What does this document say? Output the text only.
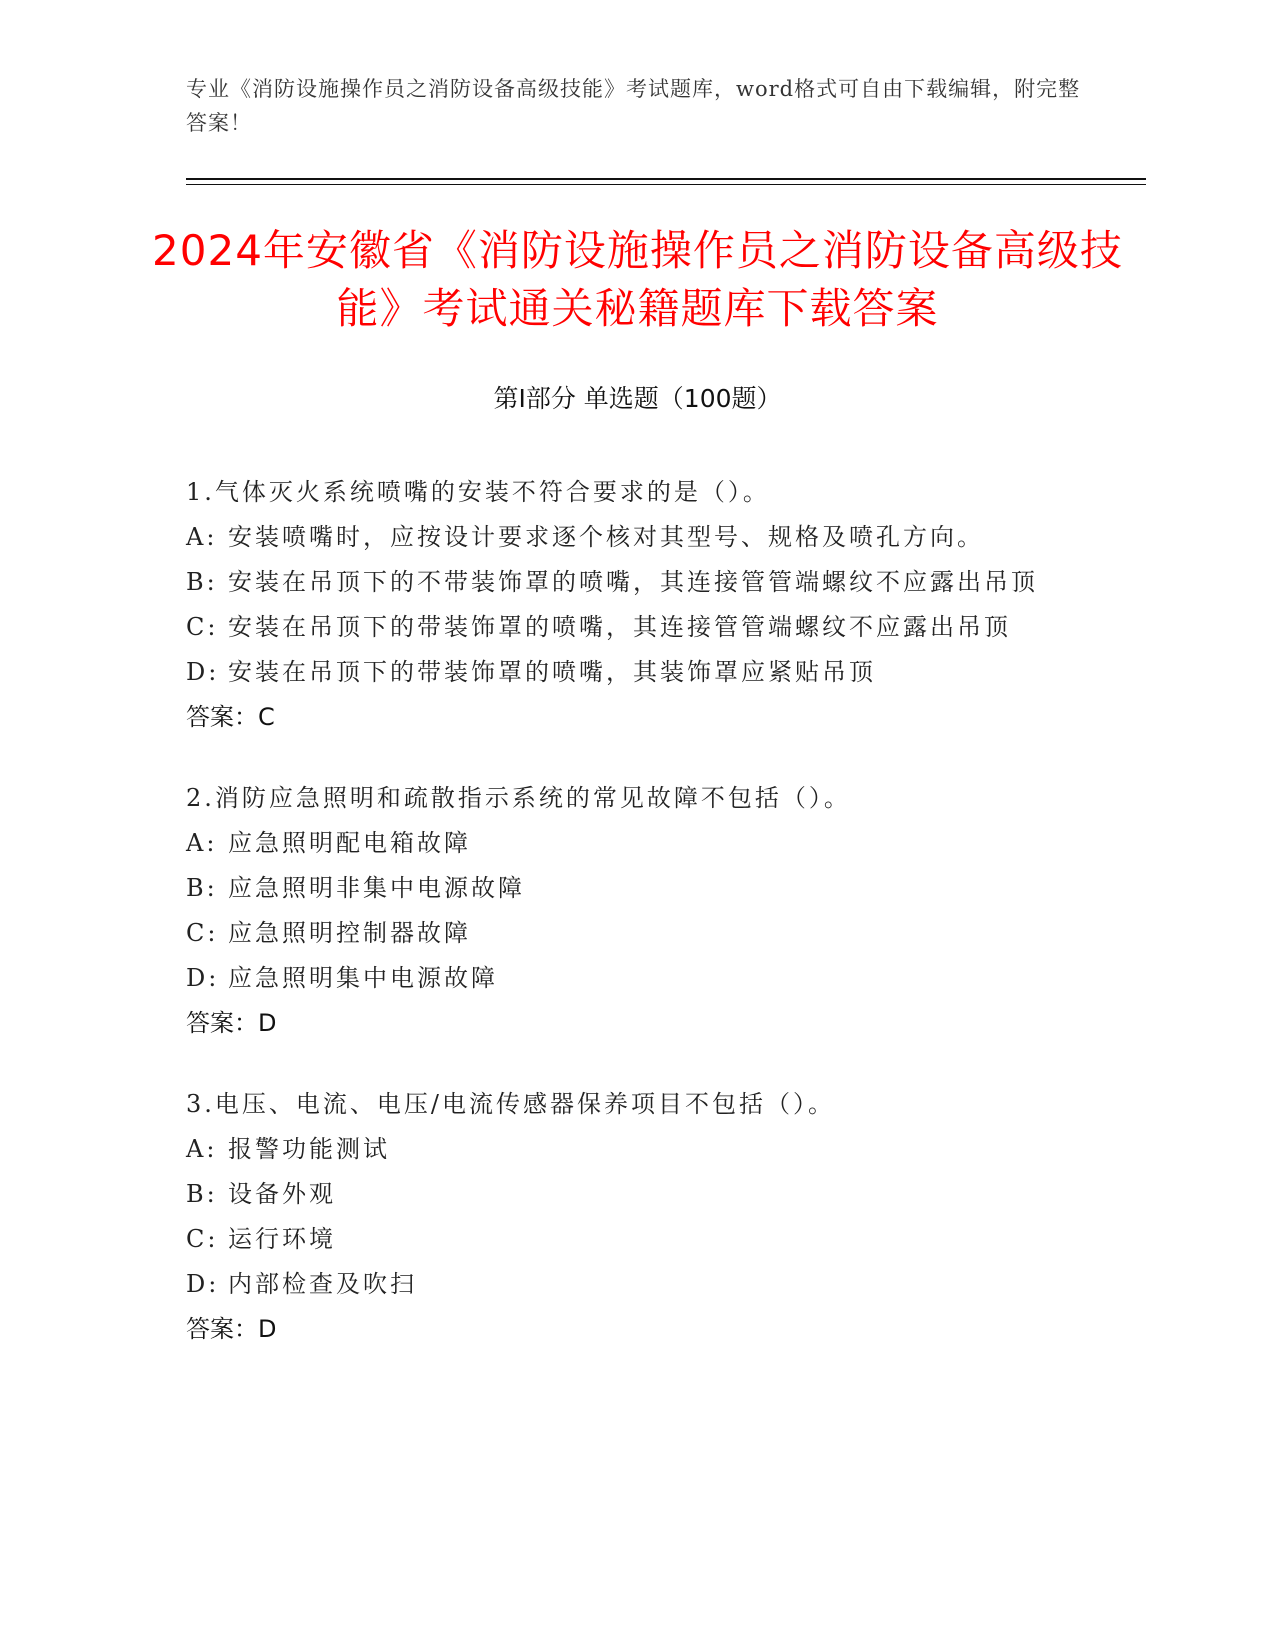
专业《消防设施操作员之消防设备高级技能》考试题库，word格式可自由下载编辑，附完整答案！
2024年安徽省《消防设施操作员之消防设备高级技能》考试通关秘籍题库下载答案
第Ⅰ部分 单选题（100题）

1.气体灭火系统喷嘴的安装不符合要求的是（）。

A: 安装喷嘴时，应按设计要求逐个核对其型号、规格及喷孔方向。

B: 安装在吊顶下的不带装饰罩的喷嘴，其连接管管端螺纹不应露出吊顶

C: 安装在吊顶下的带装饰罩的喷嘴，其连接管管端螺纹不应露出吊顶

D: 安装在吊顶下的带装饰罩的喷嘴，其装饰罩应紧贴吊顶

答案：C

2.消防应急照明和疏散指示系统的常见故障不包括（）。

A: 应急照明配电箱故障

B: 应急照明非集中电源故障

C: 应急照明控制器故障

D: 应急照明集中电源故障

答案：D

3.电压、电流、电压/电流传感器保养项目不包括（）。

A: 报警功能测试

B: 设备外观

C: 运行环境

D: 内部检查及吹扫

答案：D
